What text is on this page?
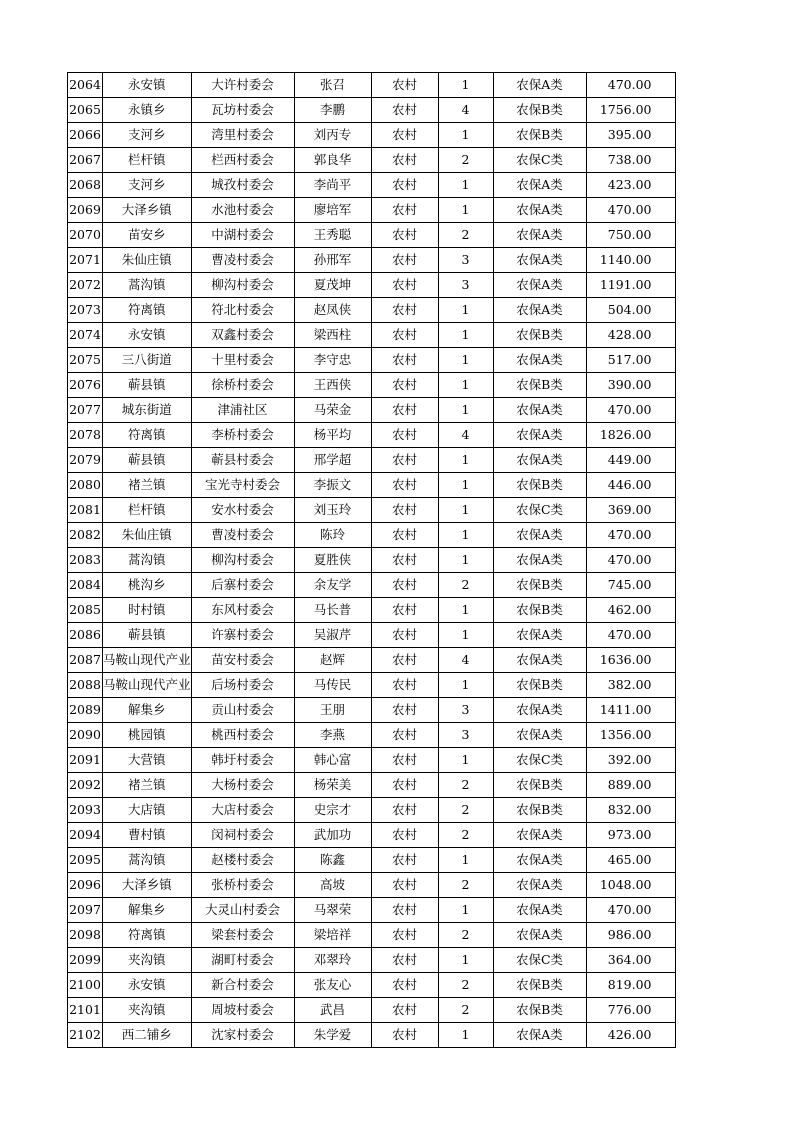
2064	永安镇	大许村委会	张召	农村	1	农保A类	470.00
2065	永镇乡	瓦坊村委会	李鹏	农村	4	农保B类	1756.00
2066	支河乡	湾里村委会	刘丙专	农村	1	农保B类	395.00
2067	栏杆镇	栏西村委会	郭良华	农村	2	农保C类	738.00
2068	支河乡	城孜村委会	李尚平	农村	1	农保A类	423.00
2069	大泽乡镇	水池村委会	廖培军	农村	1	农保A类	470.00
2070	苗安乡	中湖村委会	王秀聪	农村	2	农保A类	750.00
2071	朱仙庄镇	曹凌村委会	孙邢军	农村	3	农保A类	1140.00
2072	蒿沟镇	柳沟村委会	夏茂坤	农村	3	农保A类	1191.00
2073	符离镇	符北村委会	赵凤侠	农村	1	农保A类	504.00
2074	永安镇	双鑫村委会	梁西柱	农村	1	农保B类	428.00
2075	三八街道	十里村委会	李守忠	农村	1	农保A类	517.00
2076	蕲县镇	徐桥村委会	王西侠	农村	1	农保B类	390.00
2077	城东街道	津浦社区	马荣金	农村	1	农保A类	470.00
2078	符离镇	李桥村委会	杨平均	农村	4	农保A类	1826.00
2079	蕲县镇	蕲县村委会	邢学超	农村	1	农保A类	449.00
2080	褚兰镇	宝光寺村委会	李振文	农村	1	农保B类	446.00
2081	栏杆镇	安水村委会	刘玉玲	农村	1	农保C类	369.00
2082	朱仙庄镇	曹凌村委会	陈玲	农村	1	农保A类	470.00
2083	蒿沟镇	柳沟村委会	夏胜侠	农村	1	农保A类	470.00
2084	桃沟乡	后寨村委会	余友学	农村	2	农保B类	745.00
2085	时村镇	东风村委会	马长普	农村	1	农保B类	462.00
2086	蕲县镇	许寨村委会	吴淑芹	农村	1	农保A类	470.00
2087	马鞍山现代产业	苗安村委会	赵辉	农村	4	农保A类	1636.00
2088	马鞍山现代产业	后场村委会	马传民	农村	1	农保B类	382.00
2089	解集乡	贡山村委会	王朋	农村	3	农保A类	1411.00
2090	桃园镇	桃西村委会	李燕	农村	3	农保A类	1356.00
2091	大营镇	韩圩村委会	韩心富	农村	1	农保C类	392.00
2092	褚兰镇	大杨村委会	杨荣美	农村	2	农保B类	889.00
2093	大店镇	大店村委会	史宗才	农村	2	农保B类	832.00
2094	曹村镇	闵祠村委会	武加功	农村	2	农保A类	973.00
2095	蒿沟镇	赵楼村委会	陈鑫	农村	1	农保A类	465.00
2096	大泽乡镇	张桥村委会	高坡	农村	2	农保A类	1048.00
2097	解集乡	大灵山村委会	马翠荣	农村	1	农保A类	470.00
2098	符离镇	梁套村委会	梁培祥	农村	2	农保A类	986.00
2099	夹沟镇	湖町村委会	邓翠玲	农村	1	农保C类	364.00
2100	永安镇	新合村委会	张友心	农村	2	农保B类	819.00
2101	夹沟镇	周坡村委会	武昌	农村	2	农保B类	776.00
2102	西二铺乡	沈家村委会	朱学爱	农村	1	农保A类	426.00
